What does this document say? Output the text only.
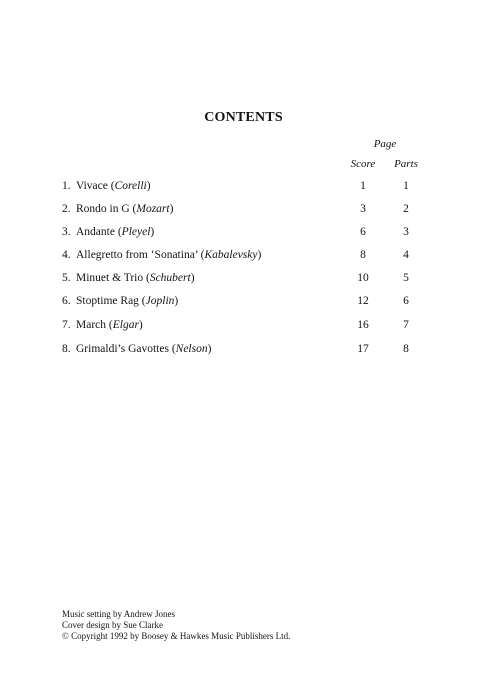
CONTENTS
Page
Score	Parts
1. Vivace (Corelli)	1	1
2. Rondo in G (Mozart)	3	2
3. Andante (Pleyel)	6	3
4. Allegretto from ‘Sonatina’ (Kabalevsky)	8	4
5. Minuet & Trio (Schubert)	10	5
6. Stoptime Rag (Joplin)	12	6
7. March (Elgar)	16	7
8. Grimaldi’s Gavottes (Nelson)	17	8
Music setting by Andrew Jones
Cover design by Sue Clarke
© Copyright 1992 by Boosey & Hawkes Music Publishers Ltd.
